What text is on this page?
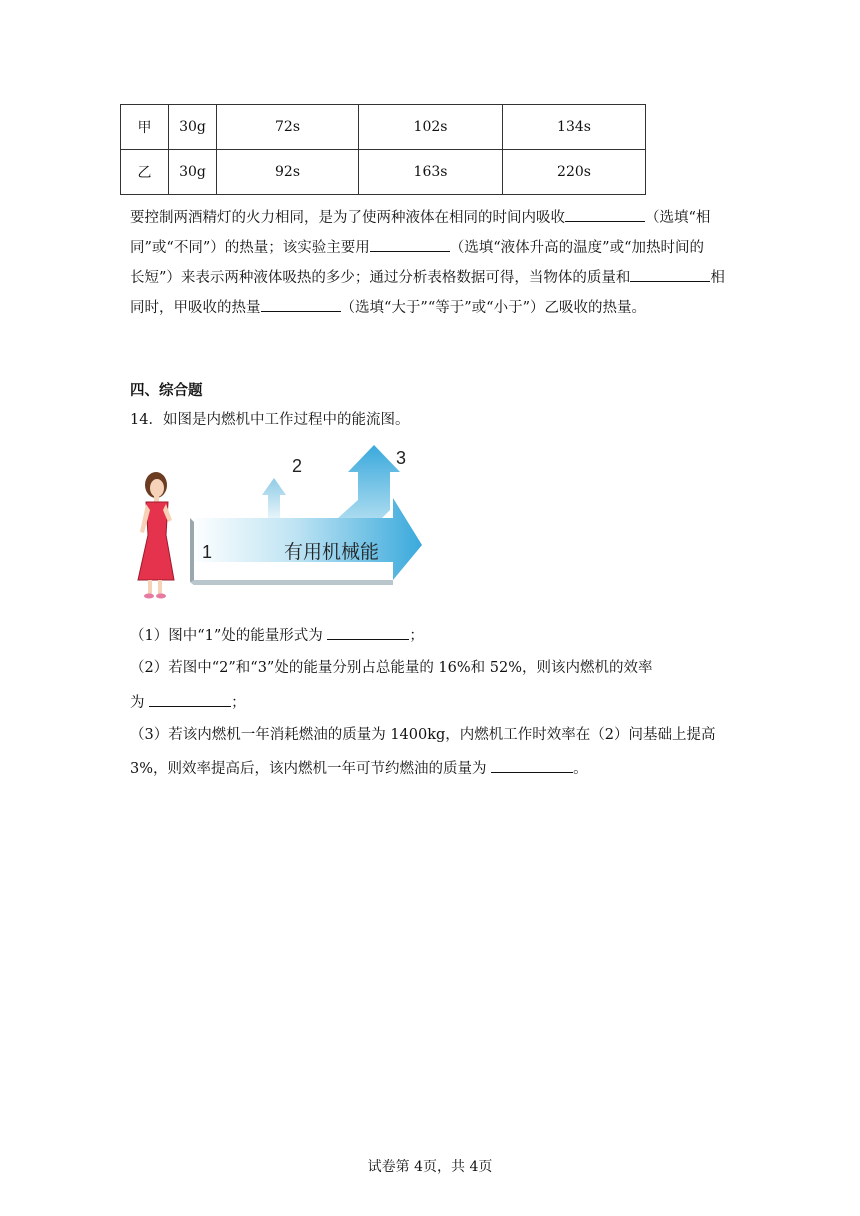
甲	30g	72s	102s	134s
乙	30g	92s	163s	220s
要控制两酒精灯的火力相同，是为了使两种液体在相同的时间内吸收	（选填“相
同”或“不同”）的热量；该实验主要用	（选填“液体升高的温度”或“加热时间的
长短”）来表示两种液体吸热的多少；通过分析表格数据可得，当物体的质量和	相
同时，甲吸收的热量	（选填“大于”“等于”或“小于”）乙吸收的热量。
四、综合题
14．如图是内燃机中工作过程中的能流图。
1
2	3
有用机械能
（1）图中“1”处的能量形式为	；
（2）若图中“2”和“3”处的能量分别占总能量的 16%和 52%，则该内燃机的效率
为	；
（3）若该内燃机一年消耗燃油的质量为 1400kg，内燃机工作时效率在（2）问基础上提高
3%，则效率提高后，该内燃机一年可节约燃油的质量为	。
试卷第 4页，共 4页
